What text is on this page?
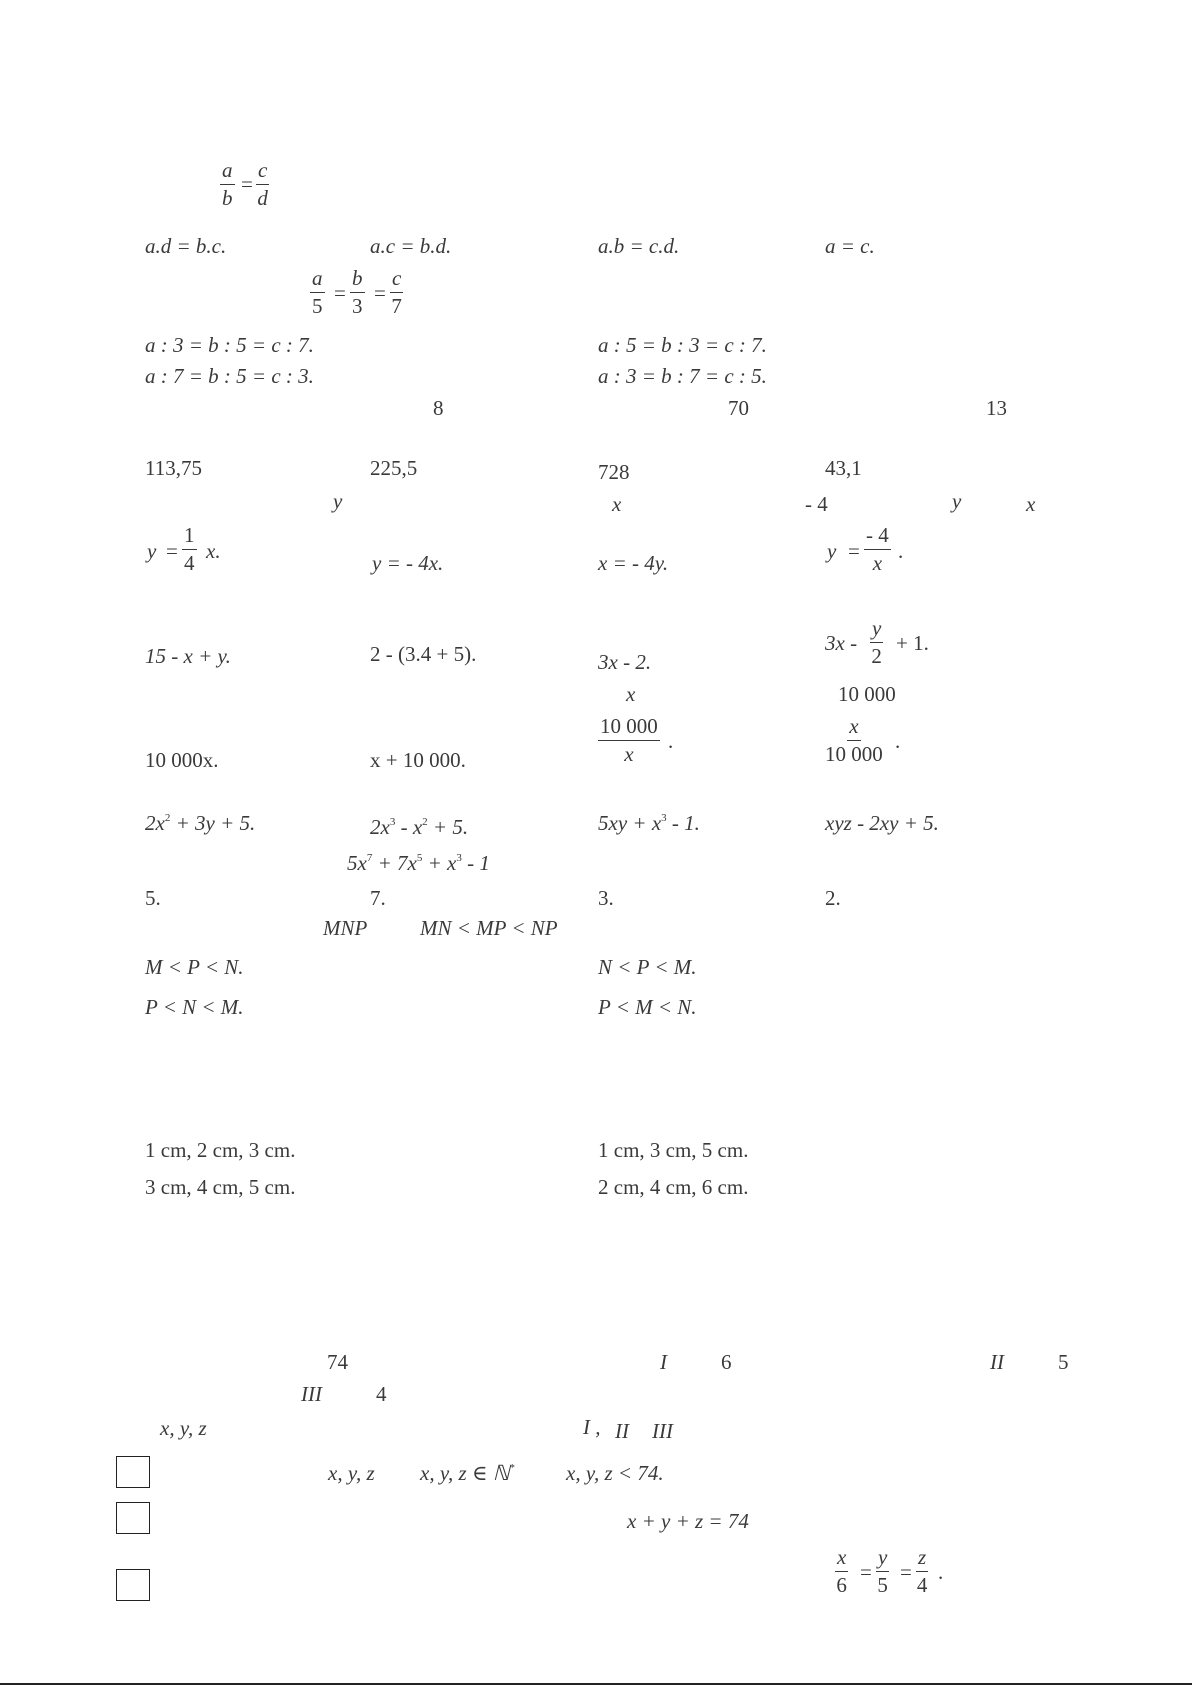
$\frac{a}{b} = \frac{c}{d}$
a.d = b.c.	a.c = b.d.	a.b = c.d.	a = c.
$\frac{a}{5} = \frac{b}{3} = \frac{c}{7}$
a : 3 = b : 5 = c : 7.	a : 5 = b : 3 = c : 7.
a : 7 = b : 5 = c : 3.	a : 3 = b : 7 = c : 5.
8	70	13
113,75	225,5	728	43,1
y	x	- 4	y	x
$y = \frac{1}{4} x$.	y = - 4x.	x = - 4y.	$y = \frac{- 4}{x}$ .
15 - x + y.	2 - (3.4 + 5).	3x - 2.
$3x - \frac{y}{2} + 1$.
x	10 000
10 000x.	x + 10 000.	$\frac{10 000}{x}$ .	$\frac{x}{10 000}$ .
$2x^2 + 3y + 5$.	$2x^3 - x^2 + 5$.	$5xy + x^3 - 1$.	xyz - 2xy + 5.
$5x^7 + 7x^5 + x^3 - 1$
5.	7.	3.	2.
MNP	MN < MP < NP
M < P < N.	N < P < M.
P < N < M.	P < M < N.
1 cm, 2 cm, 3 cm.	1 cm, 3 cm, 5 cm.
3 cm, 4 cm, 5 cm.	2 cm, 4 cm, 6 cm.
74	I	6	II	5
III	4
x, y, z	I , II III
x, y, z x, y, z ∈ ℕ* x, y, z < 74.
x + y + z = 74
$\frac{x}{6} = \frac{y}{5} = \frac{z}{4}$ .
